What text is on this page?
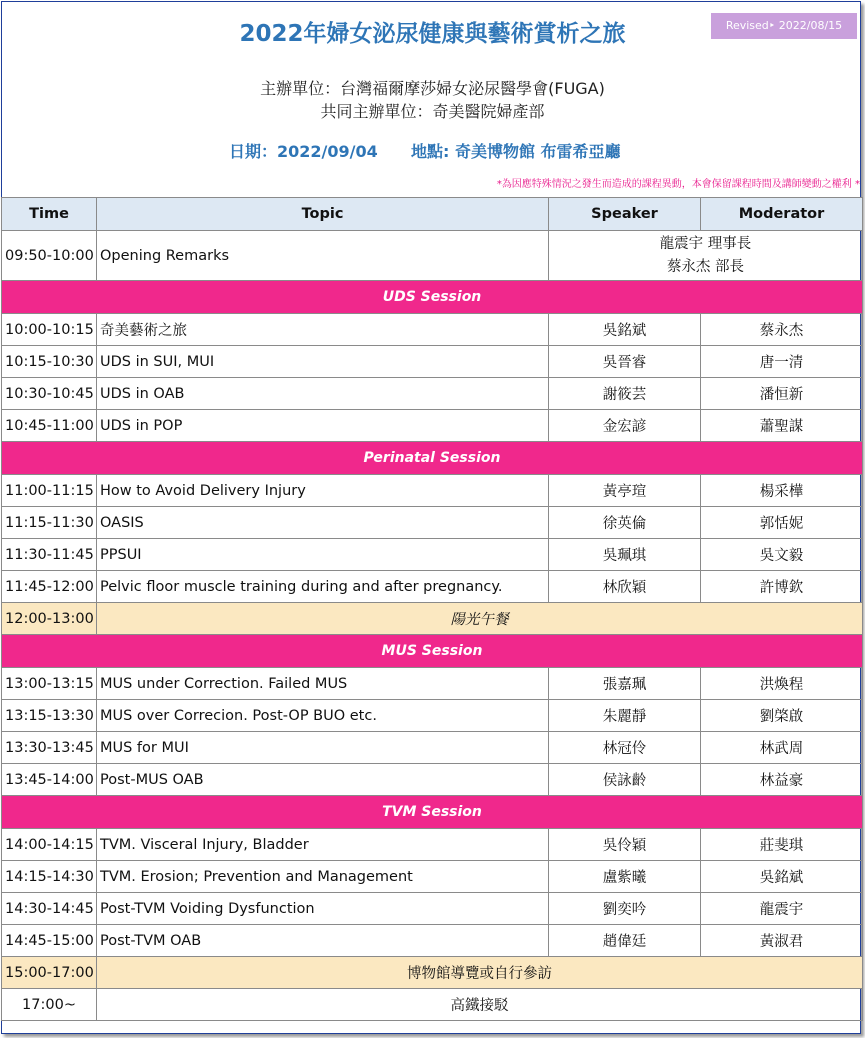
2022年婦女泌尿健康與藝術賞析之旅	Revised‣ 2022/08/15
主辦單位：台灣福爾摩莎婦女泌尿醫學會(FUGA)
共同主辦單位：奇美醫院婦產部
日期：2022/09/04 地點: 奇美博物館 布雷希亞廳
*為因應特殊情況之發生而造成的課程異動，本會保留課程時間及講師變動之權利 *
Time	Topic	Speaker	Moderator
09:50-10:00	Opening Remarks	龍震宇 理事長
蔡永杰 部長	

UDS Session			
10:00-10:15	奇美藝術之旅	吳銘斌	蔡永杰
10:15-10:30	UDS in SUI, MUI	吳晉睿	唐一清
10:30-10:45	UDS in OAB	謝筱芸	潘恒新
10:45-11:00	UDS in POP	金宏諺	蕭聖謀
Perinatal Session			
11:00-11:15	How to Avoid Delivery Injury	黃亭瑄	楊采樺
11:15-11:30	OASIS	徐英倫	郭恬妮
11:30-11:45	PPSUI	吳珮琪	吳文毅
11:45-12:00	Pelvic floor muscle training during and after pregnancy.	林欣穎	許博欽
12:00-13:00	陽光午餐		
MUS Session			
13:00-13:15	MUS under Correction. Failed MUS	張嘉珮	洪煥程
13:15-13:30	MUS over Correcion. Post-OP BUO etc.	朱麗靜	劉棨啟
13:30-13:45	MUS for MUI	林冠伶	林武周
13:45-14:00	Post-MUS OAB	侯詠齡	林益豪
TVM Session			
14:00-14:15	TVM. Visceral Injury, Bladder	吳伶穎	莊斐琪
14:15-14:30	TVM. Erosion; Prevention and Management	盧紫曦	吳銘斌
14:30-14:45	Post-TVM Voiding Dysfunction	劉奕吟	龍震宇
14:45-15:00	Post-TVM OAB	趙偉廷	黃淑君
15:00-17:00	博物館導覽或自行參訪		
17:00~	高鐵接駁		
